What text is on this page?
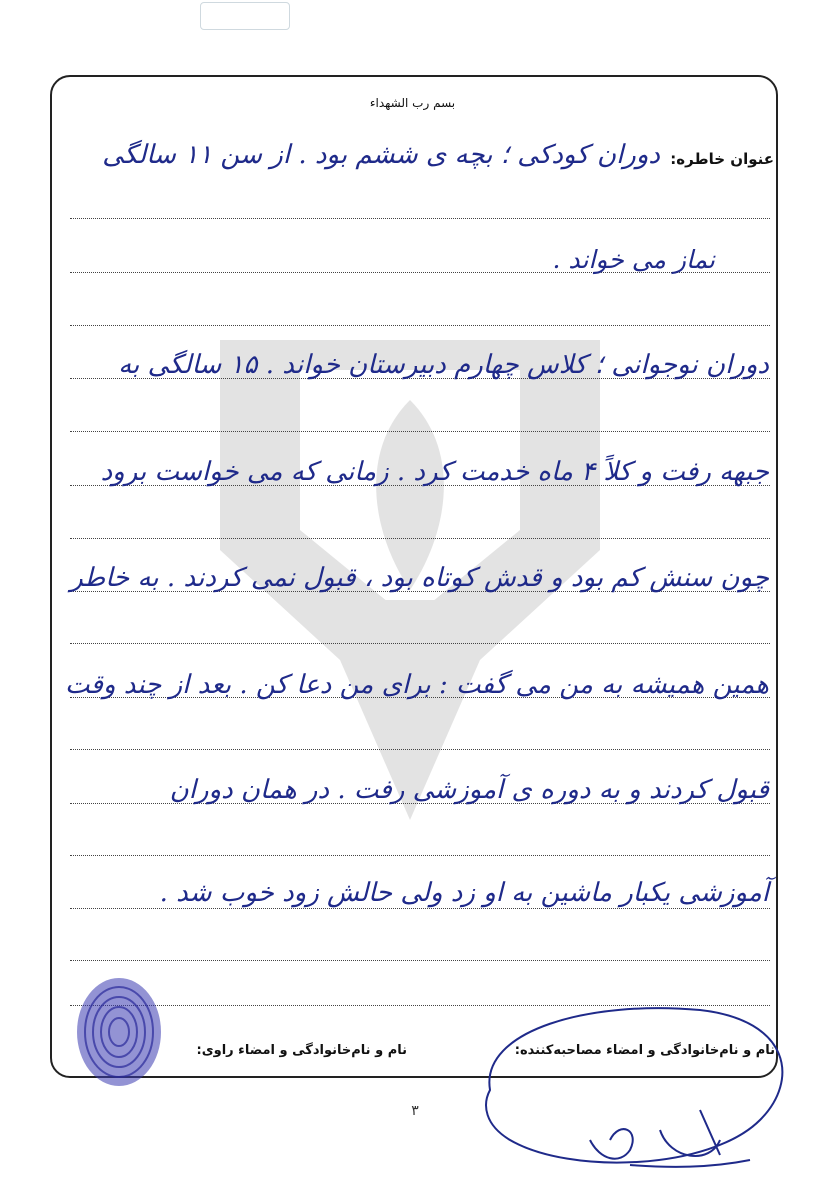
بسم رب الشهداء
عنوان خاطره:
دوران کودکی ؛ بچه ی ششم بود . از سن ۱۱ سالگی
نماز می خواند .
دوران نوجوانی ؛ کلاس چهارم دبیرستان خواند . ۱۵ سالگی به
جبهه رفت و کلاً ۴ ماه خدمت کرد . زمانی که می خواست برود
چون سنش کم بود و قدش کوتاه بود ، قبول نمی کردند . به خاطر
همین همیشه به من می گفت : برای من دعا کن . بعد از چند وقت
قبول کردند و به دوره ی آموزشی رفت . در همان دوران
آموزشی یکبار ماشین به او زد ولی حالش زود خوب شد .
نام و نام‌خانوادگی و امضاء مصاحبه‌کننده:
نام و نام‌خانوادگی و امضاء راوی:
۳
